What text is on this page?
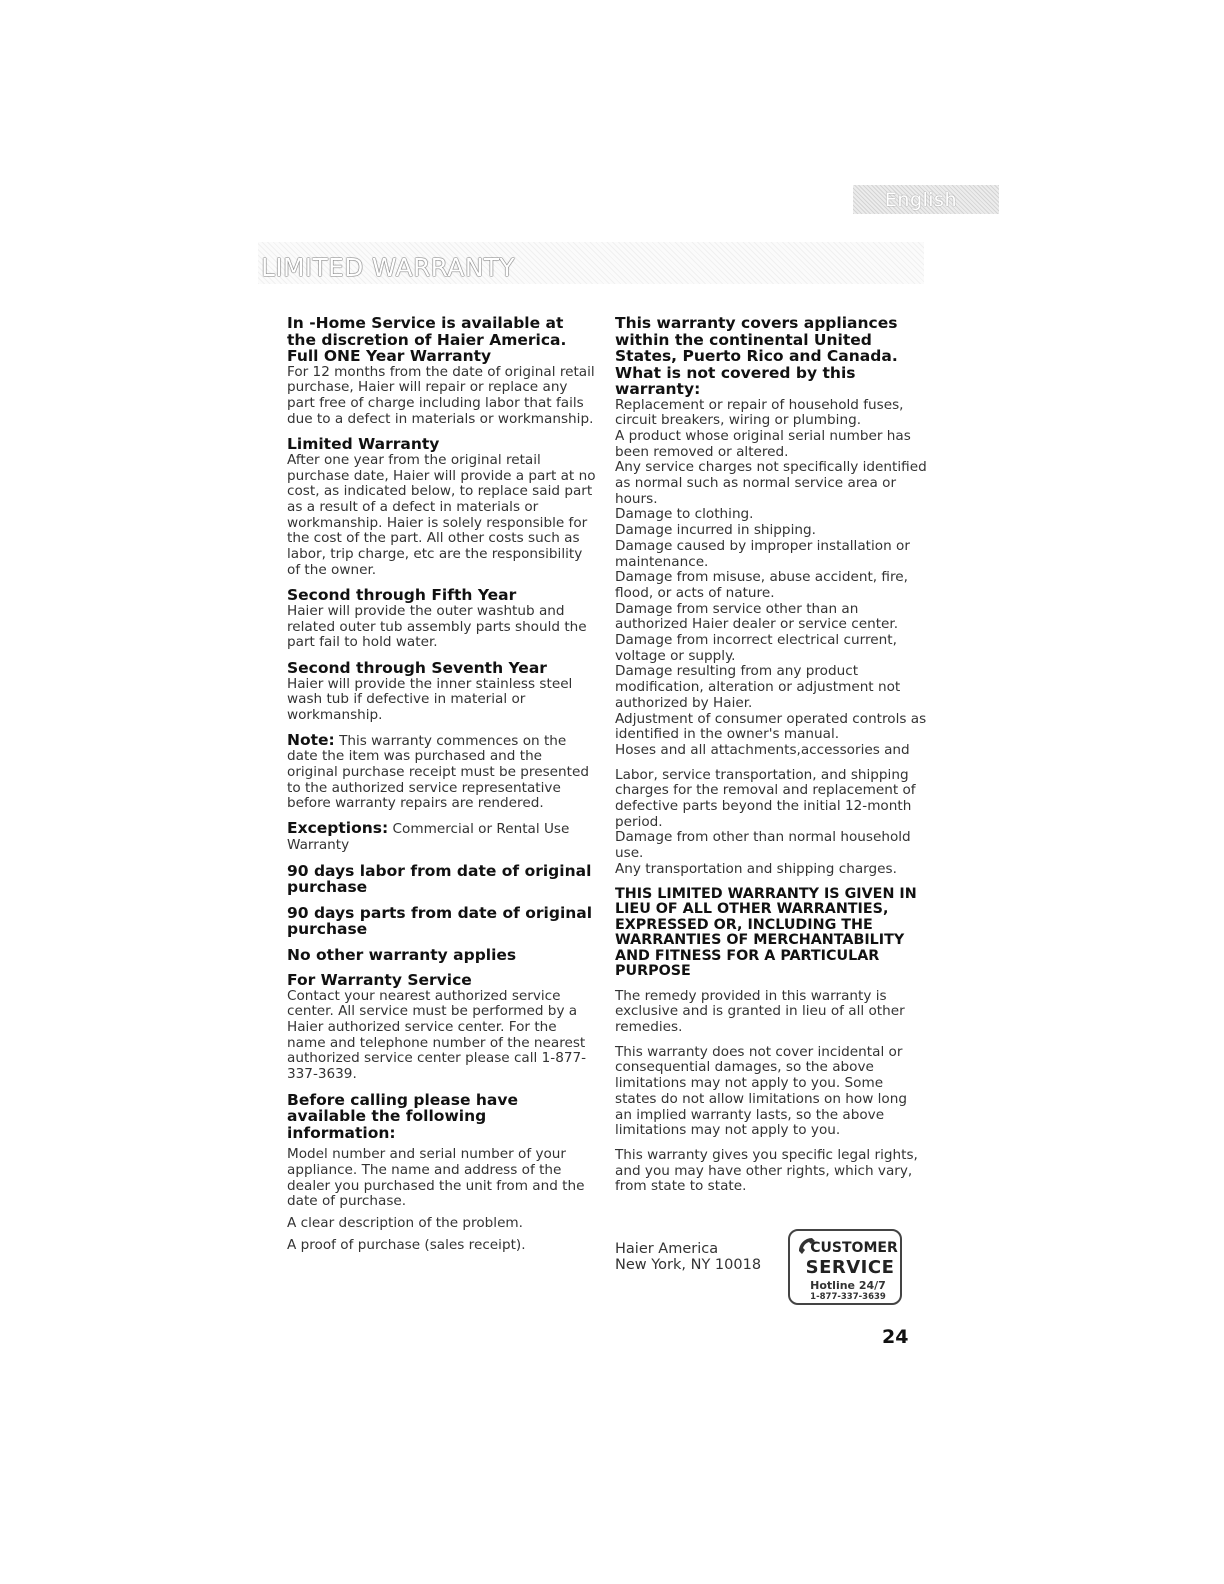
English
LIMITED WARRANTY

In -Home Service is available at the discretion of Haier America.

Full ONE Year Warranty

For 12 months from the date of original retail purchase, Haier will repair or replace any part free of charge including labor that fails due to a defect in materials or workmanship.

Limited Warranty

After one year from the original retail purchase date, Haier will provide a part at no cost, as indicated below, to replace said part as a result of a defect in materials or workmanship. Haier is solely responsible for the cost of the part. All other costs such as labor, trip charge, etc are the responsibility of the owner.

Second through Fifth Year

Haier will provide the outer washtub and related outer tub assembly parts should the part fail to hold water.

Second through Seventh Year

Haier will provide the inner stainless steel wash tub if defective in material or workmanship.

Note: This warranty commences on the date the item was purchased and the original purchase receipt must be presented to the authorized service representative before warranty repairs are rendered.

Exceptions: Commercial or Rental Use Warranty

90 days labor from date of original purchase

90 days parts from date of original purchase

No other warranty applies

For Warranty Service

Contact your nearest authorized service center. All service must be performed by a Haier authorized service center. For the name and telephone number of the nearest authorized service center please call 1-877-337-3639.

Before calling please have available the following information:

Model number and serial number of your appliance. The name and address of the dealer you purchased the unit from and the date of purchase.

A clear description of the problem.

A proof of purchase (sales receipt).

This warranty covers appliances within the continental United States, Puerto Rico and Canada. What is not covered by this warranty:

Replacement or repair of household fuses, circuit breakers, wiring or plumbing.

A product whose original serial number has been removed or altered.

Any service charges not specifically identified as normal such as normal service area or hours.

Damage to clothing.

Damage incurred in shipping.

Damage caused by improper installation or maintenance.

Damage from misuse, abuse accident, fire, flood, or acts of nature.

Damage from service other than an authorized Haier dealer or service center.

Damage from incorrect electrical current, voltage or supply.

Damage resulting from any product modification, alteration or adjustment not authorized by Haier.

Adjustment of consumer operated controls as identified in the owner's manual.

Hoses and all attachments,accessories and

Labor, service transportation, and shipping charges for the removal and replacement of defective parts beyond the initial 12-month period.

Damage from other than normal household use.

Any transportation and shipping charges.

THIS LIMITED WARRANTY IS GIVEN IN LIEU OF ALL OTHER WARRANTIES, EXPRESSED OR, INCLUDING THE WARRANTIES OF MERCHANTABILITY AND FITNESS FOR A PARTICULAR PURPOSE

The remedy provided in this warranty is exclusive and is granted in lieu of all other remedies.

This warranty does not cover incidental or consequential damages, so the above limitations may not apply to you. Some states do not allow limitations on how long an implied warranty lasts, so the above limitations may not apply to you.

This warranty gives you specific legal rights, and you may have other rights, which vary, from state to state.

Haier America
New York, NY 10018
CUSTOMER
SERVICE
Hotline 24/7
1-877-337-3639
24
